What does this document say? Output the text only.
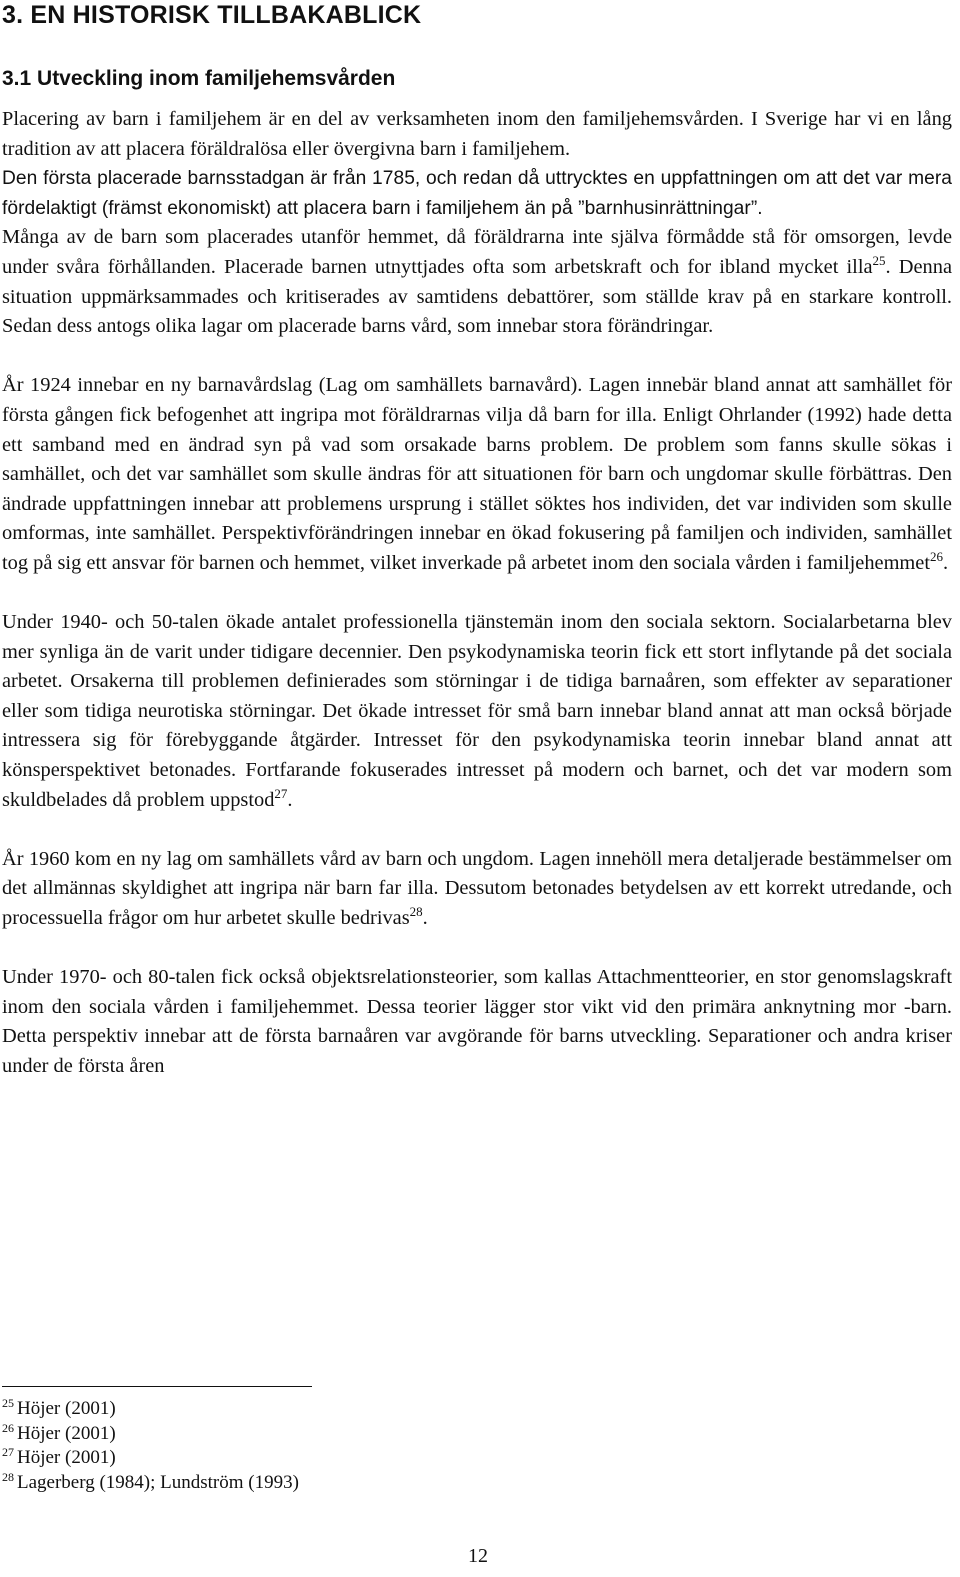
3. EN HISTORISK TILLBAKABLICK
3.1 Utveckling inom familjehemsvården

Placering av barn i familjehem är en del av verksamheten inom den familjehemsvården. I Sverige har vi en lång tradition av att placera föräldralösa eller övergivna barn i familjehem.

Den första placerade barnsstadgan är från 1785, och redan då uttrycktes en uppfattningen om att det var mera fördelaktigt (främst ekonomiskt) att placera barn i familjehem än på ”barnhusinrättningar”.

Många av de barn som placerades utanför hemmet, då föräldrarna inte själva förmådde stå för omsorgen, levde under svåra förhållanden. Placerade barnen utnyttjades ofta som arbetskraft och for ibland mycket illa$^{25}$. Denna situation uppmärksammades och kritiserades av samtidens debattörer, som ställde krav på en starkare kontroll. Sedan dess antogs olika lagar om placerade barns vård, som innebar stora förändringar.

År 1924 innebar en ny barnavårdslag (Lag om samhällets barnavård). Lagen innebär bland annat att samhället för första gången fick befogenhet att ingripa mot föräldrarnas vilja då barn for illa. Enligt Ohrlander (1992) hade detta ett samband med en ändrad syn på vad som orsakade barns problem. De problem som fanns skulle sökas i samhället, och det var samhället som skulle ändras för att situationen för barn och ungdomar skulle förbättras. Den ändrade uppfattningen innebar att problemens ursprung i stället söktes hos individen, det var individen som skulle omformas, inte samhället. Perspektivförändringen innebar en ökad fokusering på familjen och individen, samhället tog på sig ett ansvar för barnen och hemmet, vilket inverkade på arbetet inom den sociala vården i familjehemmet$^{26}$.

Under 1940- och 50-talen ökade antalet professionella tjänstemän inom den sociala sektorn. Socialarbetarna blev mer synliga än de varit under tidigare decennier. Den psykodynamiska teorin fick ett stort inflytande på det sociala arbetet. Orsakerna till problemen definierades som störningar i de tidiga barnaåren, som effekter av separationer eller som tidiga neurotiska störningar. Det ökade intresset för små barn innebar bland annat att man också började intressera sig för förebyggande åtgärder. Intresset för den psykodynamiska teorin innebar bland annat att könsperspektivet betonades. Fortfarande fokuserades intresset på modern och barnet, och det var modern som skuldbelades då problem uppstod$^{27}$.

År 1960 kom en ny lag om samhällets vård av barn och ungdom. Lagen innehöll mera detaljerade bestämmelser om det allmännas skyldighet att ingripa när barn far illa. Dessutom betonades betydelsen av ett korrekt utredande, och processuella frågor om hur arbetet skulle bedrivas$^{28}$.

Under 1970- och 80-talen fick också objektsrelationsteorier, som kallas Attachmentteorier, en stor genomslagskraft inom den sociala vården i familjehemmet. Dessa teorier lägger stor vikt vid den primära anknytning mor -barn. Detta perspektiv innebar att de första barnaåren var avgörande för barns utveckling. Separationer och andra kriser under de första åren

$^{25}$ Höjer (2001)
$^{26}$ Höjer (2001)
$^{27}$ Höjer (2001)
$^{28}$ Lagerberg (1984); Lundström (1993)
12
